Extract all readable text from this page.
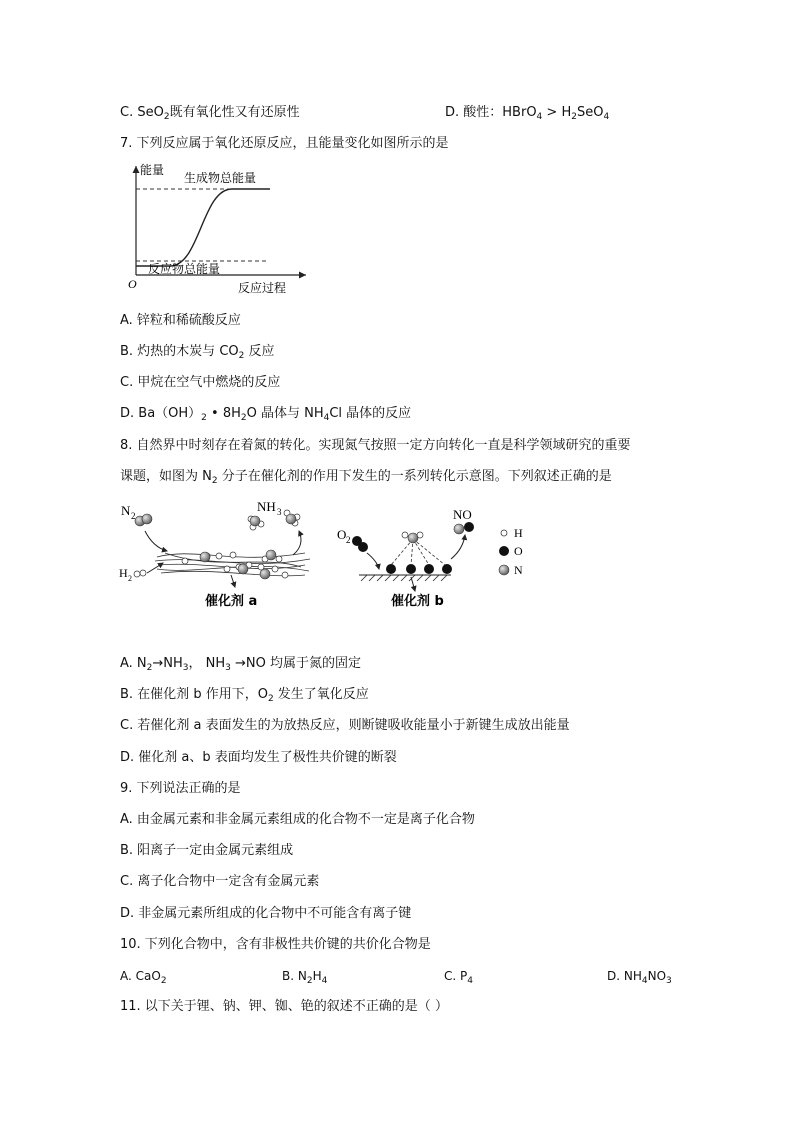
C. SeO$_2$既有氧化性又有还原性	D. 酸性：HBrO$_4$ > $H_2SeO_4$
7. 下列反应属于氧化还原反应，且能量变化如图所示的是
能量
生成物总能量
反应物总能量
O	反应过程
A. 锌粒和稀硫酸反应
B. 灼热的木炭与 $CO_2$ 反应
C. 甲烷在空气中燃烧的反应
D. $Ba(OH)_2$ • $8H_2O$ 晶体与 $NH_4Cl$ 晶体的反应
8. 自然界中时刻存在着氮的转化。实现氮气按照一定方向转化一直是科学领域研究的重要
课题，如图为 $N_2$ 分子在催化剂的作用下发生的一系列转化示意图。下列叙述正确的是
N 2
H 2
NH 3
催化剂 a
O 2
NO
催化剂 b
H
O
N
A. $N_2\to NH_3$， $NH_3 \to NO$ 均属于氮的固定
B. 在催化剂 b 作用下，$O_2$ 发生了氧化反应
C. 若催化剂 a 表面发生的为放热反应，则断键吸收能量小于新键生成放出能量
D. 催化剂 a、b 表面均发生了极性共价键的断裂
9. 下列说法正确的是
A. 由金属元素和非金属元素组成的化合物不一定是离子化合物
B. 阳离子一定由金属元素组成
C. 离子化合物中一定含有金属元素
D. 非金属元素所组成的化合物中不可能含有离子键
10. 下列化合物中，含有非极性共价键的共价化合物是
A. CaO$_2$	B. $N_2H_4$	C. $P_4$	D. $NH_4NO_3$
11. 以下关于锂、钠、钾、铷、铯的叙述不正确的是（ ）
